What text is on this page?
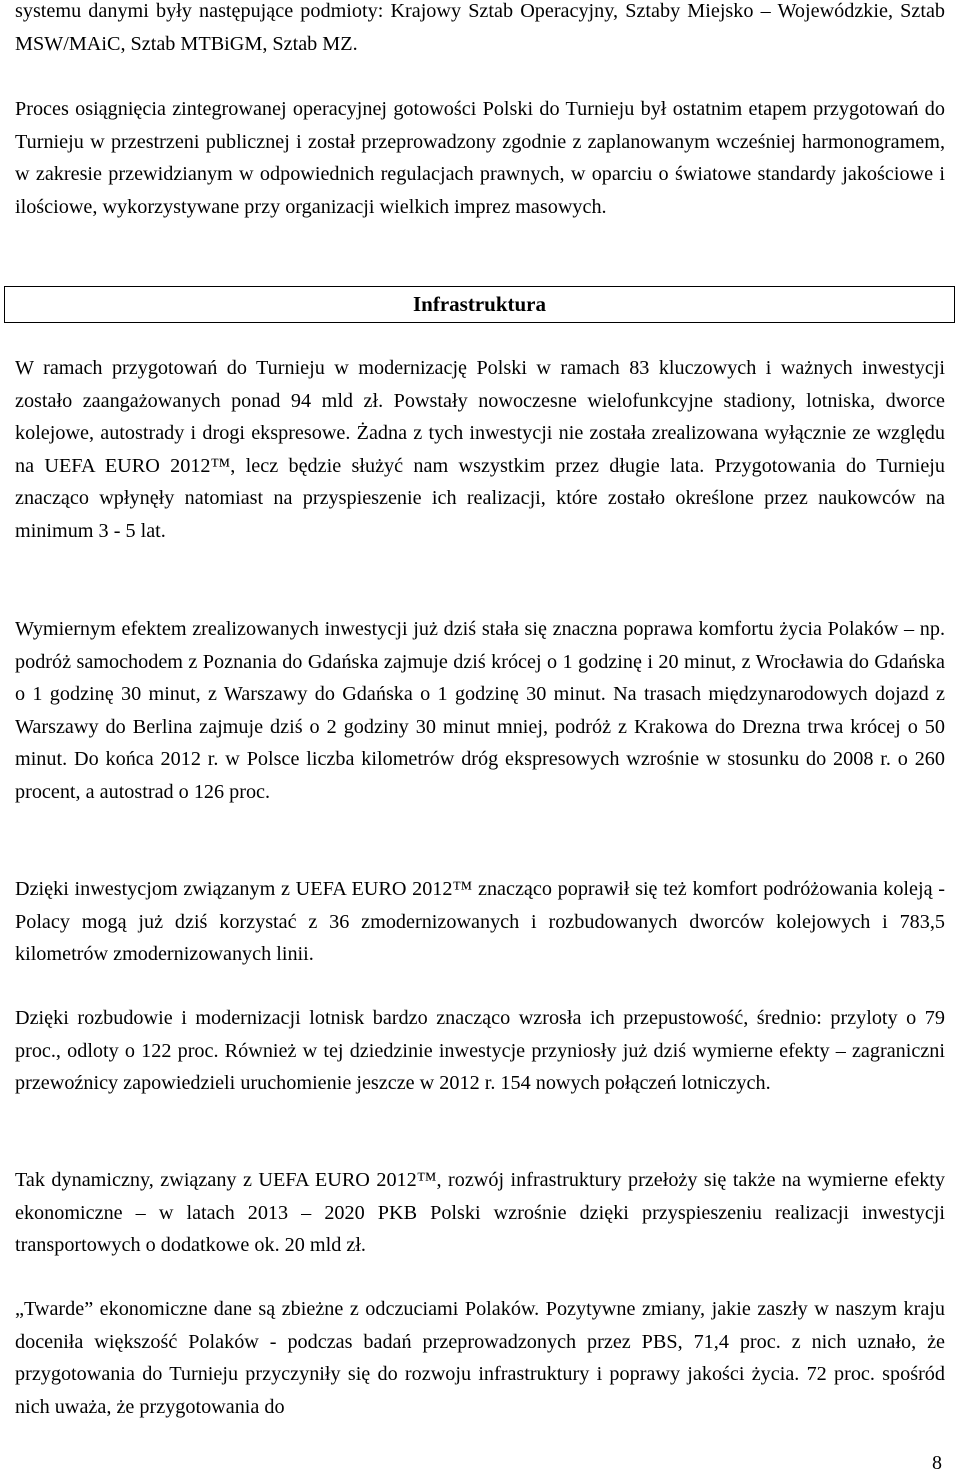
systemu danymi były następujące podmioty: Krajowy Sztab Operacyjny, Sztaby Miejsko – Wojewódzkie, Sztab MSW/MAiC, Sztab MTBiGM, Sztab MZ.

Proces osiągnięcia zintegrowanej operacyjnej gotowości Polski do Turnieju był ostatnim etapem przygotowań do Turnieju w przestrzeni publicznej i został przeprowadzony zgodnie z zaplanowanym wcześniej harmonogramem, w zakresie przewidzianym w odpowiednich regulacjach prawnych, w oparciu o światowe standardy jakościowe i ilościowe, wykorzystywane przy organizacji wielkich imprez masowych.

Infrastruktura

W ramach przygotowań do Turnieju w modernizację Polski w ramach 83 kluczowych i ważnych inwestycji zostało zaangażowanych ponad 94 mld zł. Powstały nowoczesne wielofunkcyjne stadiony, lotniska, dworce kolejowe, autostrady i drogi ekspresowe. Żadna z tych inwestycji nie została zrealizowana wyłącznie ze względu na UEFA EURO 2012™, lecz będzie służyć nam wszystkim przez długie lata. Przygotowania do Turnieju znacząco wpłynęły natomiast na przyspieszenie ich realizacji, które zostało określone przez naukowców na minimum 3 - 5 lat.

Wymiernym efektem zrealizowanych inwestycji już dziś stała się znaczna poprawa komfortu życia Polaków – np. podróż samochodem z Poznania do Gdańska zajmuje dziś krócej o 1 godzinę i 20 minut, z Wrocławia do Gdańska o 1 godzinę 30 minut, z Warszawy do Gdańska o 1 godzinę 30 minut. Na trasach międzynarodowych dojazd z Warszawy do Berlina zajmuje dziś o 2 godziny 30 minut mniej, podróż z Krakowa do Drezna trwa krócej o 50 minut. Do końca 2012 r. w Polsce liczba kilometrów dróg ekspresowych wzrośnie w stosunku do 2008 r. o 260 procent, a autostrad o 126 proc.

Dzięki inwestycjom związanym z UEFA EURO 2012™ znacząco poprawił się też komfort podróżowania koleją - Polacy mogą już dziś korzystać z 36 zmodernizowanych i rozbudowanych dworców kolejowych i 783,5 kilometrów zmodernizowanych linii.

Dzięki rozbudowie i modernizacji lotnisk bardzo znacząco wzrosła ich przepustowość, średnio: przyloty o 79 proc., odloty o 122 proc. Również w tej dziedzinie inwestycje przyniosły już dziś wymierne efekty – zagraniczni przewoźnicy zapowiedzieli uruchomienie jeszcze w 2012 r. 154 nowych połączeń lotniczych.

Tak dynamiczny, związany z UEFA EURO 2012™, rozwój infrastruktury przełoży się także na wymierne efekty ekonomiczne – w latach 2013 – 2020 PKB Polski wzrośnie dzięki przyspieszeniu realizacji inwestycji transportowych o dodatkowe ok. 20 mld zł.

„Twarde” ekonomiczne dane są zbieżne z odczuciami Polaków. Pozytywne zmiany, jakie zaszły w naszym kraju doceniła większość Polaków - podczas badań przeprowadzonych przez PBS, 71,4 proc. z nich uznało, że przygotowania do Turnieju przyczyniły się do rozwoju infrastruktury i poprawy jakości życia. 72 proc. spośród nich uważa, że przygotowania do

8
